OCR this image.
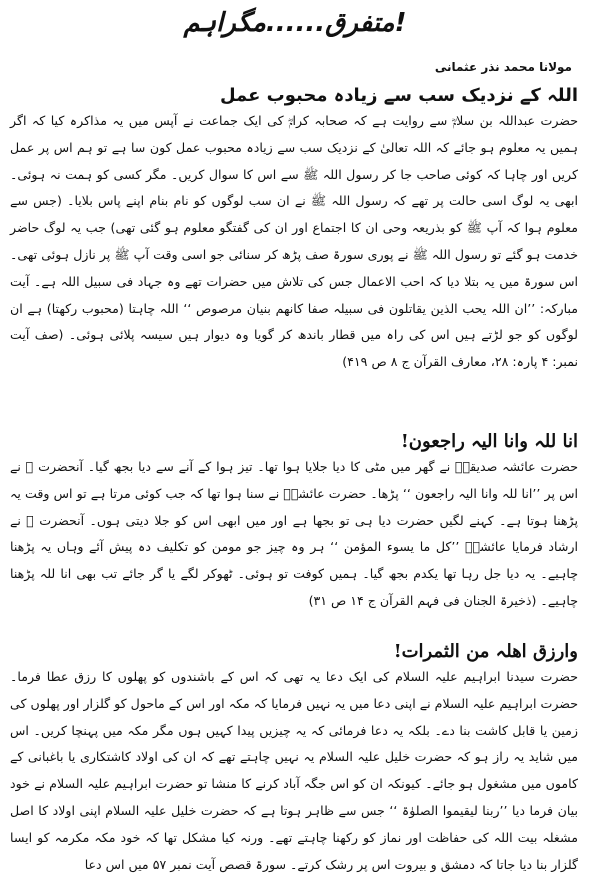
متفرق......مگراہم!
مولانا محمد نذر عثمانی
اللہ کے نزدیک سب سے زیادہ محبوب عمل

حضرت عبداللہ بن سلامؓ سے روایت ہے کہ صحابہ کرامؓ کی ایک جماعت نے آپس میں یہ مذاکرہ کیا کہ اگر ہمیں یہ معلوم ہو جائے کہ اللہ تعالیٰ کے نزدیک سب سے زیادہ محبوب عمل کون سا ہے تو ہم اس پر عمل کریں اور چاہا کہ کوئی صاحب جا کر رسول اللہ ﷺ سے اس کا سوال کریں۔ مگر کسی کو ہمت نہ ہوئی۔ ابھی یہ لوگ اسی حالت پر تھے کہ رسول اللہ ﷺ نے ان سب لوگوں کو نام بنام اپنے پاس بلایا۔ (جس سے معلوم ہوا کہ آپ ﷺ کو بذریعہ وحی ان کا اجتماع اور ان کی گفتگو معلوم ہو گئی تھی) جب یہ لوگ حاضر خدمت ہو گئے تو رسول اللہ ﷺ نے پوری سورۃ صف پڑھ کر سنائی جو اسی وقت آپ ﷺ پر نازل ہوئی تھی۔ اس سورۃ میں یہ بتلا دیا کہ احب الاعمال جس کی تلاش میں حضرات تھے وہ جہاد فی سبیل اللہ ہے۔ آیت مبارکہ: ’’ان اللہ یحب الذین یقاتلون فی سبیلہ صفا کانھم بنیان مرصوص ‘‘ اللہ چاہتا (محبوب رکھتا) ہے ان لوگوں کو جو لڑتے ہیں اس کی راہ میں قطار باندھ کر گویا وہ دیوار ہیں سیسہ پلائی ہوئی۔ (صف آیت نمبر: ۴ پارہ: ۲۸، معارف القرآن ج ۸ ص ۴۱۹)

انا للہ وانا الیہ راجعون!

حضرت عائشہ صدیقہؓ نے گھر میں مٹی کا دیا جلایا ہوا تھا۔ تیز ہوا کے آنے سے دیا بجھ گیا۔ آنحضرت ﷺ نے اس پر ’’انا للہ وانا الیہ راجعون ‘‘ پڑھا۔ حضرت عائشہؓ نے سنا ہوا تھا کہ جب کوئی مرتا ہے تو اس وقت یہ پڑھنا ہوتا ہے۔ کہنے لگیں حضرت دیا ہی تو بجھا ہے اور میں ابھی اس کو جلا دیتی ہوں۔ آنحضرت ﷺ نے ارشاد فرمایا عائشہؓ ’’کل ما یسوء المؤمن ‘‘ ہر وہ چیز جو مومن کو تکلیف دہ پیش آئے وہاں یہ پڑھنا چاہیے۔ یہ دیا جل رہا تھا یکدم بجھ گیا۔ ہمیں کوفت تو ہوئی۔ ٹھوکر لگے یا گر جائے تب بھی انا للہ پڑھنا چاہیے۔ (ذخیرۃ الجنان فی فہم القرآن ج ۱۴ ص ۳۱)

وارزق اھلہ من الثمرات!

حضرت سیدنا ابراہیم علیہ السلام کی ایک دعا یہ تھی کہ اس کے باشندوں کو پھلوں کا رزق عطا فرما۔ حضرت ابراہیم علیہ السلام نے اپنی دعا میں یہ نہیں فرمایا کہ مکہ اور اس کے ماحول کو گلزار اور پھلوں کی زمین یا قابل کاشت بنا دے۔ بلکہ یہ دعا فرمائی کہ یہ چیزیں پیدا کہیں ہوں مگر مکہ میں پہنچا کریں۔ اس میں شاید یہ راز ہو کہ حضرت خلیل علیہ السلام یہ نہیں چاہتے تھے کہ ان کی اولاد کاشتکاری یا باغبانی کے کاموں میں مشغول ہو جائے۔ کیونکہ ان کو اس جگہ آباد کرنے کا منشا تو حضرت ابراہیم علیہ السلام نے خود بیان فرما دیا ’’ربنا لیقیموا الصلوٰۃ ‘‘ جس سے ظاہر ہوتا ہے کہ حضرت خلیل علیہ السلام اپنی اولاد کا اصل مشغلہ بیت اللہ کی حفاظت اور نماز کو رکھنا چاہتے تھے۔ ورنہ کیا مشکل تھا کہ خود مکہ مکرمہ کو ایسا گلزار بنا دیا جاتا کہ دمشق و بیروت اس پر رشک کرتے۔ سورۃ قصص آیت نمبر ۵۷ میں اس دعا
